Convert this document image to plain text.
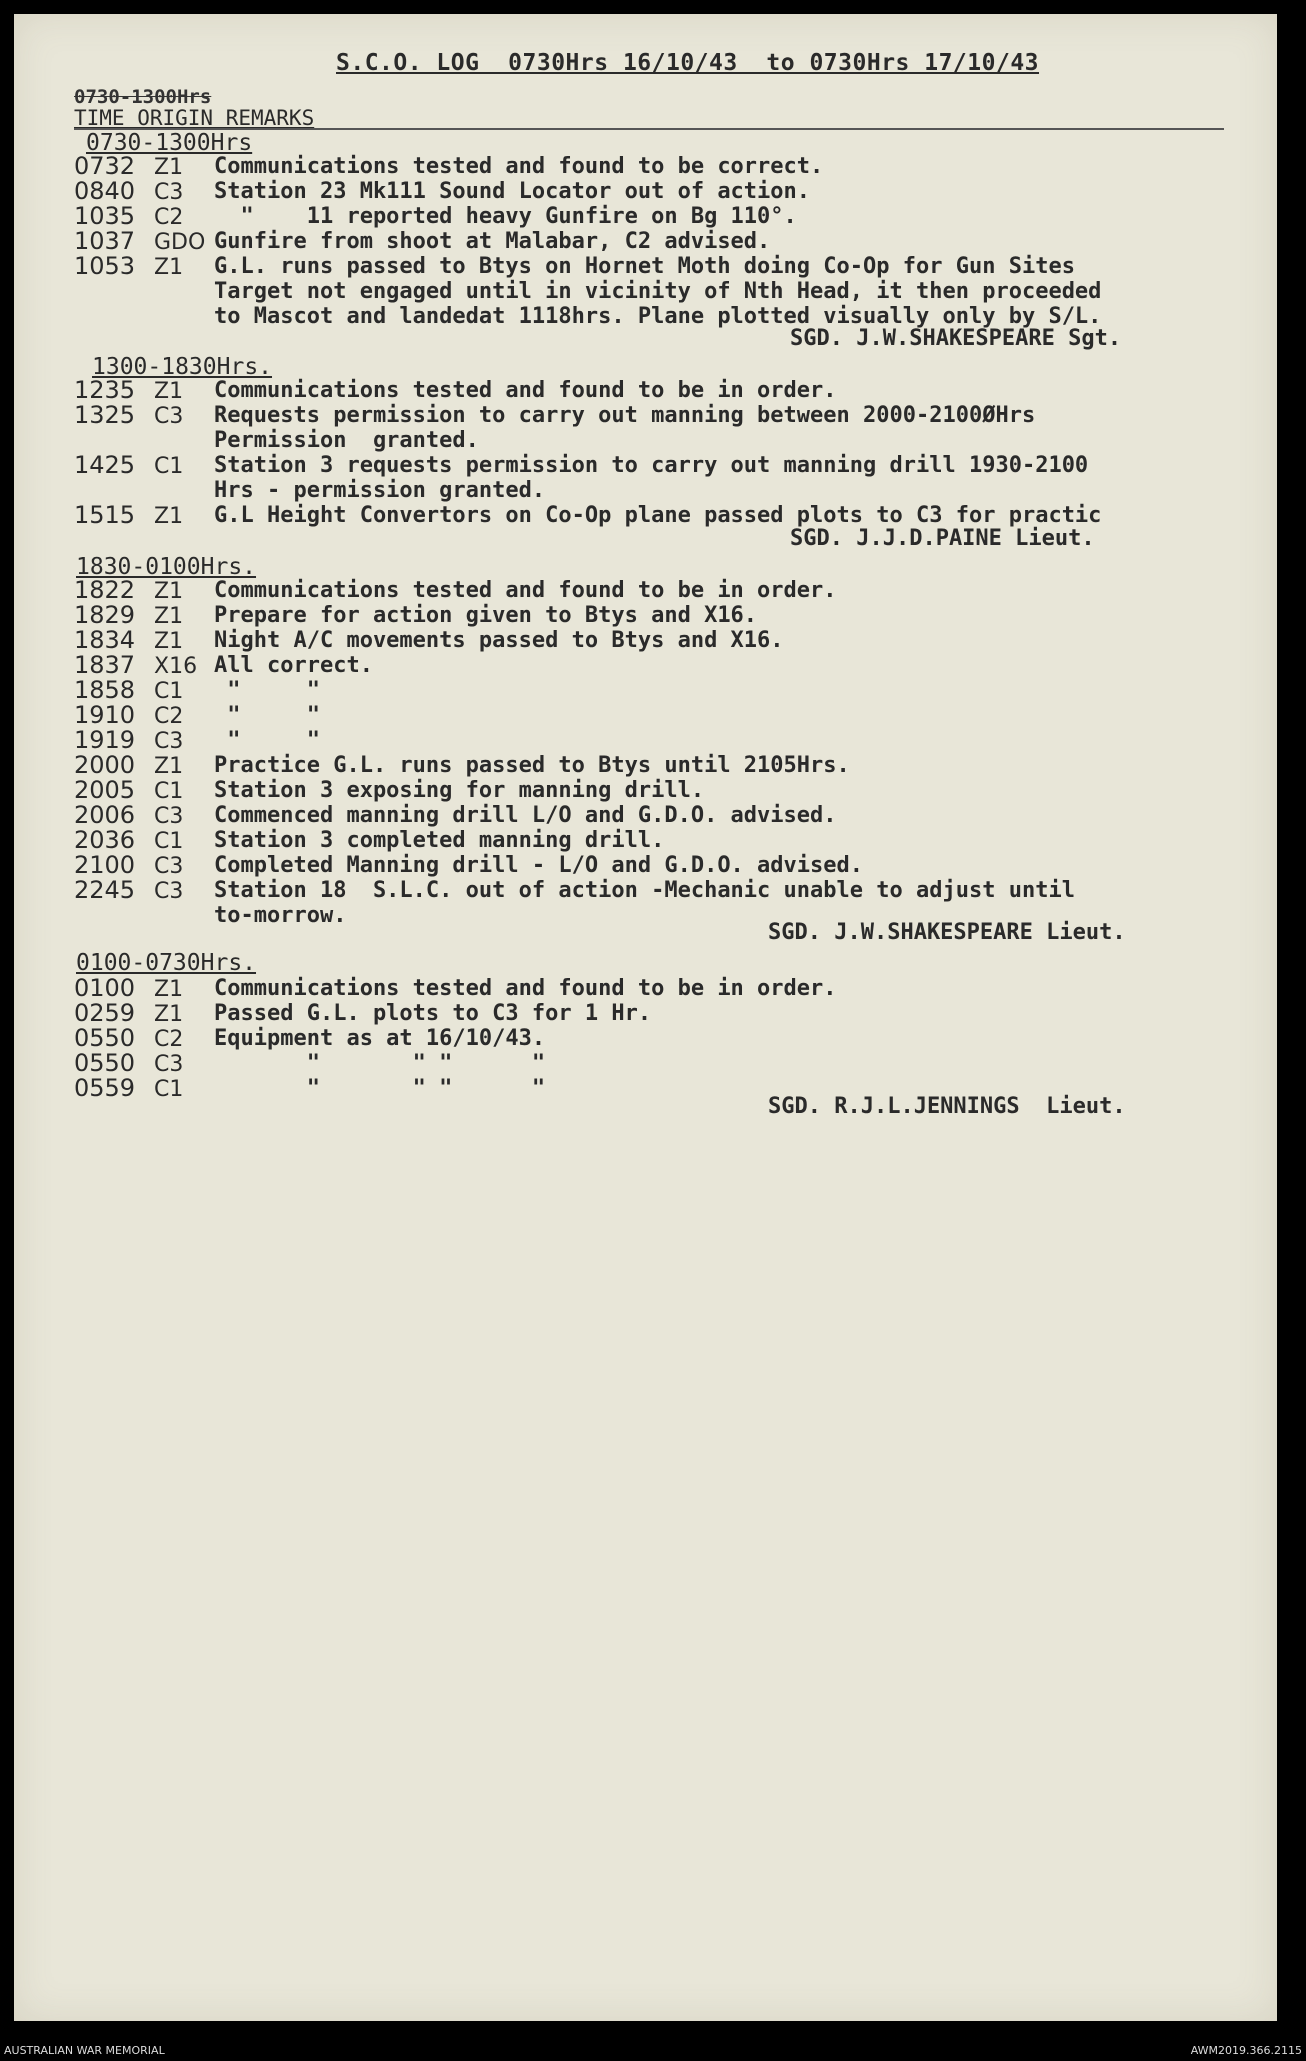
S.C.O. LOG  0730Hrs 16/10/43  to 0730Hrs 17/10/43
0730-1300Hrs
TIME ORIGIN REMARKS
0730-1300Hrs
0732 Z1 Communications tested and found to be correct.
0840 C3 Station 23 Mk111 Sound Locator out of action.
1035 C2  "    11 reported heavy Gunfire on Bg 110°.
1037 GDO Gunfire from shoot at Malabar, C2 advised.
1053 Z1 G.L. runs passed to Btys on Hornet Moth doing Co-Op for Gun Sites
Target not engaged until in vicinity of Nth Head, it then proceeded
to Mascot and landedat 1118hrs. Plane plotted visually only by S/L.
SGD. J.W.SHAKESPEARE Sgt.
1300-1830Hrs.
1235 Z1 Communications tested and found to be in order.
1325 C3 Requests permission to carry out manning between 2000-2100ØHrs
Permission  granted.
1425 C1 Station 3 requests permission to carry out manning drill 1930-2100
Hrs - permission granted.
1515 Z1 G.L Height Convertors on Co-Op plane passed plots to C3 for practic
SGD. J.J.D.PAINE Lieut.
1830-0100Hrs.
1822 Z1 Communications tested and found to be in order.
1829 Z1 Prepare for action given to Btys and X16.
1834 Z1 Night A/C movements passed to Btys and X16.
1837 X16 All correct.
1858 C1 "     "
1910 C2 "     "
1919 C3 "     "
2000 Z1 Practice G.L. runs passed to Btys until 2105Hrs.
2005 C1 Station 3 exposing for manning drill.
2006 C3 Commenced manning drill L/O and G.D.O. advised.
2036 C1 Station 3 completed manning drill.
2100 C3 Completed Manning drill - L/O and G.D.O. advised.
2245 C3 Station 18  S.L.C. out of action -Mechanic unable to adjust until
to-morrow.
SGD. J.W.SHAKESPEARE Lieut.
0100-0730Hrs.
0100 Z1 Communications tested and found to be in order.
0259 Z1 Passed G.L. plots to C3 for 1 Hr.
0550 C2 Equipment as at 16/10/43.
0550 C3       "       " "      "
0559 C1       "       " "      "
SGD. R.J.L.JENNINGS  Lieut.
AUSTRALIAN WAR MEMORIAL	AWM2019.366.2115
